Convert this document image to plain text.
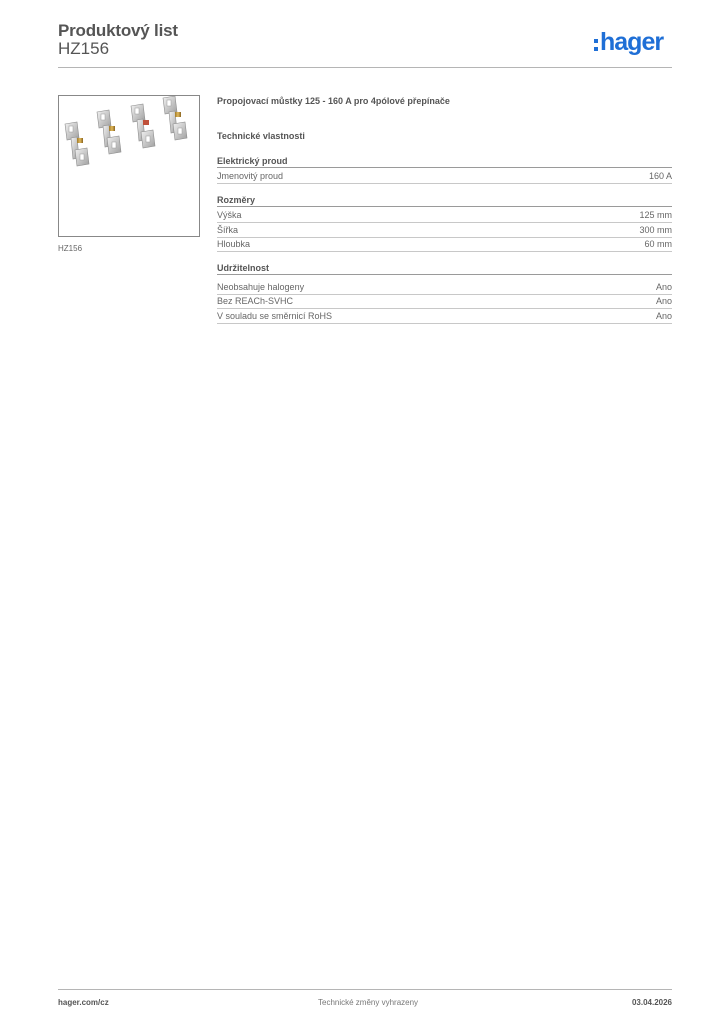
Produktový list
HZ156	hager
HZ156
Propojovací můstky 125 - 160 A pro 4pólové přepínače
Technické vlastnosti
Elektrický proud
Jmenovitý proud	160 A
Rozměry
Výška	125 mm
Šířka	300 mm
Hloubka	60 mm
Udržitelnost
Neobsahuje halogeny	Ano
Bez REACh-SVHC	Ano
V souladu se směrnicí RoHS	Ano
hager.com/cz	Technické změny vyhrazeny	03.04.2026
